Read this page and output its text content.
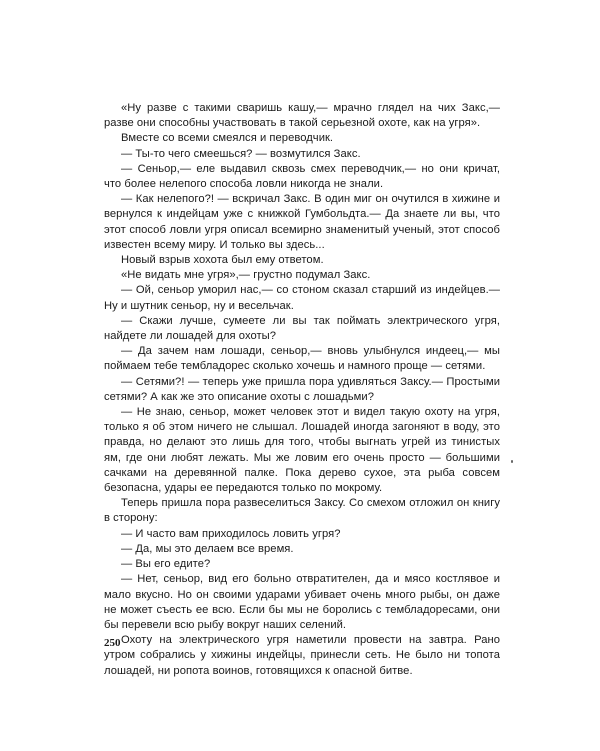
«Ну разве с такими сваришь кашу,— мрачно глядел на чих Закс,— разве они способны участвовать в такой серьезной охоте, как на угря».

Вместе со всеми смеялся и переводчик.

— Ты-то чего смеешься? — возмутился Закс.

— Сеньор,— еле выдавил сквозь смех переводчик,— но они кричат, что более нелепого способа ловли никогда не знали.

— Как нелепого?! — вскричал Закс. В один миг он очутился в хижине и вернулся к индейцам уже с книжкой Гумбольдта.— Да знаете ли вы, что этот способ ловли угря описал всемирно знаменитый ученый, этот способ известен всему миру. И только вы здесь...

Новый взрыв хохота был ему ответом.

«Не видать мне угря»,— грустно подумал Закс.

— Ой, сеньор уморил нас,— со стоном сказал старший из индейцев.— Ну и шутник сеньор, ну и весельчак.

— Скажи лучше, сумеете ли вы так поймать электрического угря, найдете ли лошадей для охоты?

— Да зачем нам лошади, сеньор,— вновь улыбнулся индеец,— мы поймаем тебе тембладорес сколько хочешь и намного проще — сетями.

— Сетями?! — теперь уже пришла пора удивляться Заксу.— Простыми сетями? А как же это описание охоты с лошадьми?

— Не знаю, сеньор, может человек этот и видел такую охоту на угря, только я об этом ничего не слышал. Лошадей иногда загоняют в воду, это правда, но делают это лишь для того, чтобы выгнать угрей из тинистых ям, где они любят лежать. Мы же ловим его очень просто — большими сачками на деревянной палке. Пока дерево сухое, эта рыба совсем безопасна, удары ее передаются только по мокрому.

Теперь пришла пора развеселиться Заксу. Со смехом отложил он книгу в сторону:

— И часто вам приходилось ловить угря?

— Да, мы это делаем все время.

— Вы его едите?

— Нет, сеньор, вид его больно отвратителен, да и мясо костлявое и мало вкусно. Но он своими ударами убивает очень много рыбы, он даже не может съесть ее всю. Если бы мы не боролись с тембладоресами, они бы перевели всю рыбу вокруг наших селений.

Охоту на электрического угря наметили провести на завтра. Рано утром собрались у хижины индейцы, принесли сеть. Не было ни топота лошадей, ни ропота воинов, готовящихся к опасной битве.

250
